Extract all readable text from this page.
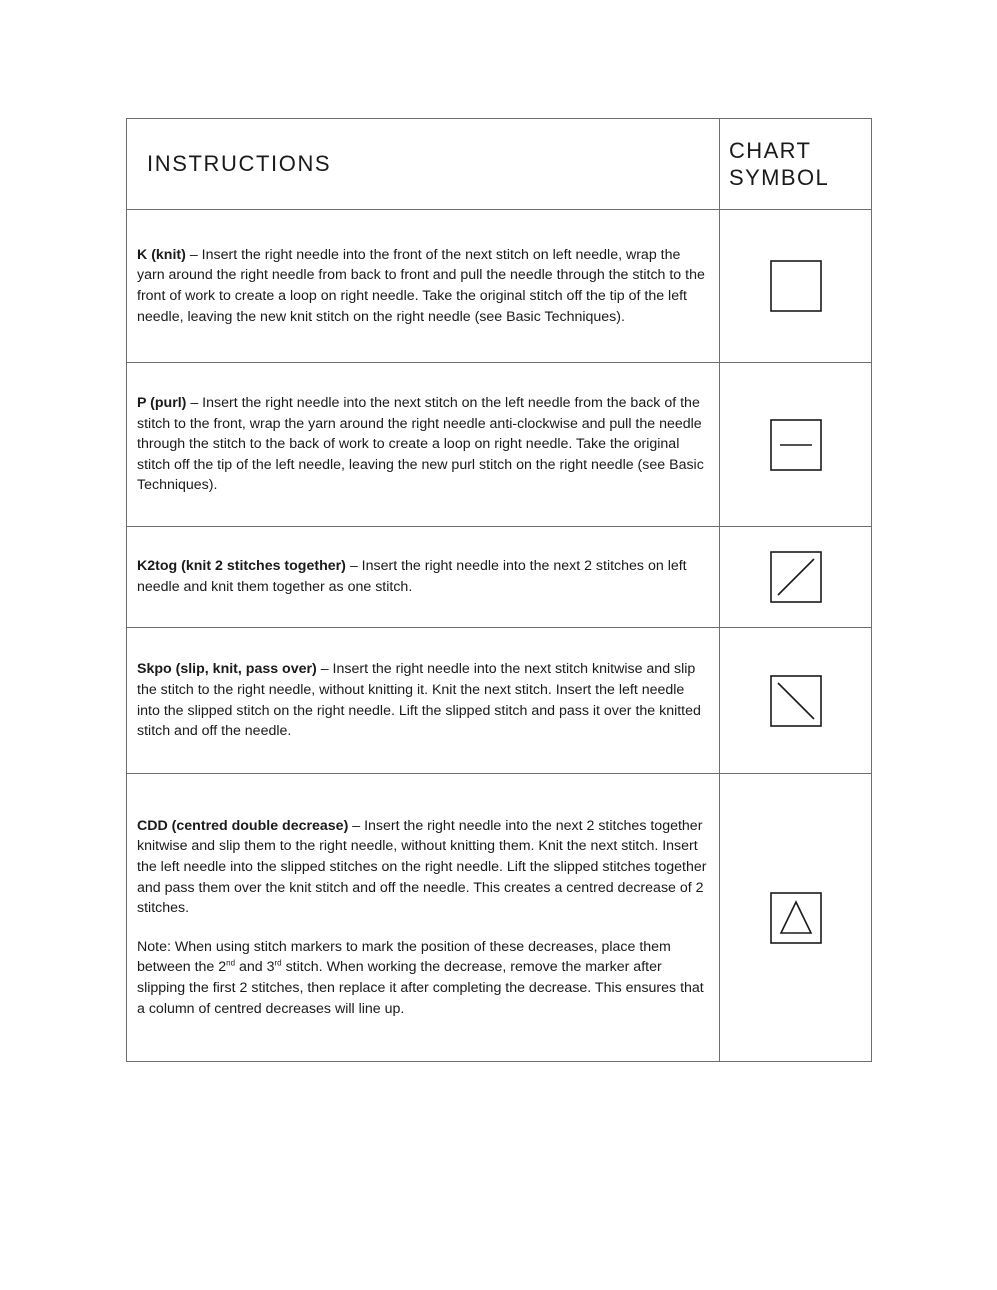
INSTRUCTIONS	CHART
SYMBOL

K (knit) – Insert the right needle into the front of the next stitch on left needle, wrap the yarn around the right needle from back to front and pull the needle through the stitch to the front of work to create a loop on right needle. Take the original stitch off the tip of the left needle, leaving the new knit stitch on the right needle (see Basic Techniques).

P (purl) – Insert the right needle into the next stitch on the left needle from the back of the stitch to the front, wrap the yarn around the right needle anti-clockwise and pull the needle through the stitch to the back of work to create a loop on right needle. Take the original stitch off the tip of the left needle, leaving the new purl stitch on the right needle (see Basic Techniques).

K2tog (knit 2 stitches together) – Insert the right needle into the next 2 stitches on left needle and knit them together as one stitch.

Skpo (slip, knit, pass over) – Insert the right needle into the next stitch knitwise and slip the stitch to the right needle, without knitting it. Knit the next stitch. Insert the left needle into the slipped stitch on the right needle. Lift the slipped stitch and pass it over the knitted stitch and off the needle.

CDD (centred double decrease) – Insert the right needle into the next 2 stitches together knitwise and slip them to the right needle, without knitting them. Knit the next stitch. Insert the left needle into the slipped stitches on the right needle. Lift the slipped stitches together and pass them over the knit stitch and off the needle. This creates a centred decrease of 2 stitches.

Note: When using stitch markers to mark the position of these decreases, place them between the 2nd and 3rd stitch. When working the decrease, remove the marker after slipping the first 2 stitches, then replace it after completing the decrease. This ensures that a column of centred decreases will line up.
